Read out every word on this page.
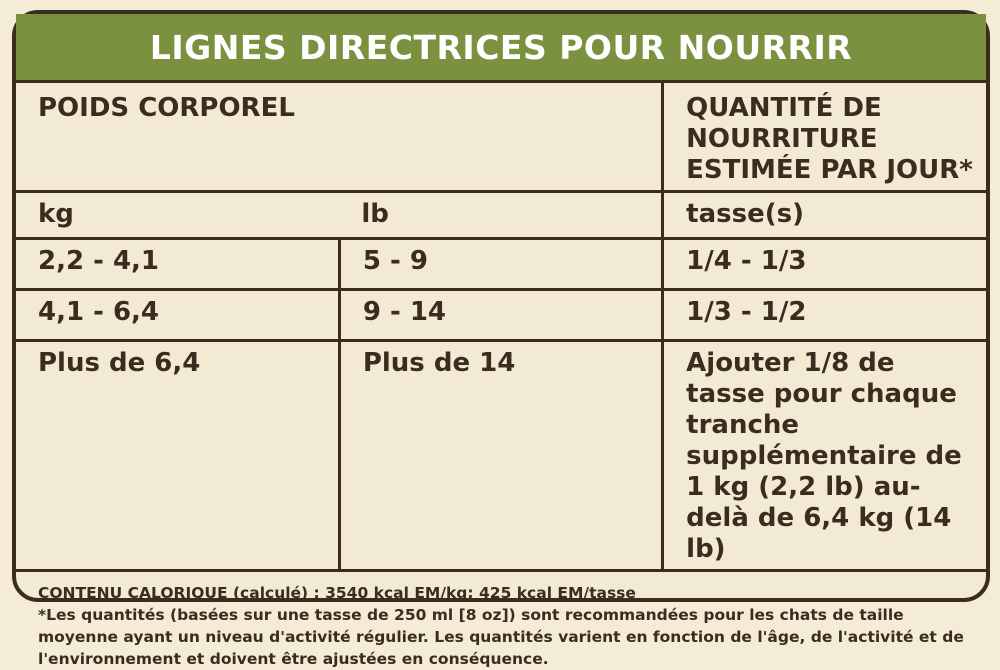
LIGNES DIRECTRICES POUR NOURRIR
POIDS CORPOREL		QUANTITÉ DE NOURRITURE ESTIMÉE PAR JOUR*
kg	lb	tasse(s)
2,2 - 4,1	5 - 9	1/4 - 1/3
4,1 - 6,4	9 - 14	1/3 - 1/2
Plus de 6,4	Plus de 14	Ajouter 1/8 de tasse pour chaque tranche supplémentaire de 1 kg (2,2 lb) au-delà de 6,4 kg (14 lb)

CONTENU CALORIQUE (calculé) : 3540 kcal EM/kg; 425 kcal EM/tasse

*Les quantités (basées sur une tasse de 250 ml [8 oz]) sont recommandées pour les chats de taille moyenne ayant un niveau d'activité régulier. Les quantités varient en fonction de l'âge, de l'activité et de l'environnement et doivent être ajustées en conséquence.
